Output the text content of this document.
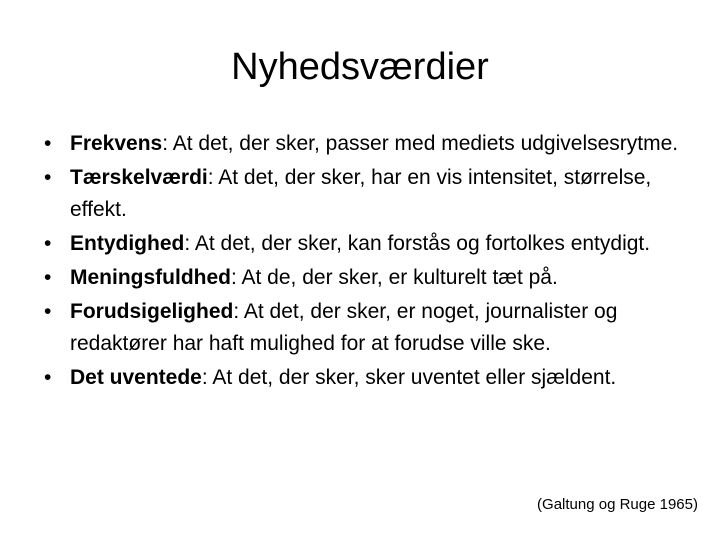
Nyhedsværdier
• Frekvens: At det, der sker, passer med mediets udgivelsesrytme.
• Tærskelværdi: At det, der sker, har en vis intensitet, størrelse, effekt.
• Entydighed: At det, der sker, kan forstås og fortolkes entydigt.
• Meningsfuldhed: At de, der sker, er kulturelt tæt på.
• Forudsigelighed: At det, der sker, er noget, journalister og redaktører har haft mulighed for at forudse ville ske.
• Det uventede: At det, der sker, sker uventet eller sjældent.
(Galtung og Ruge 1965)
